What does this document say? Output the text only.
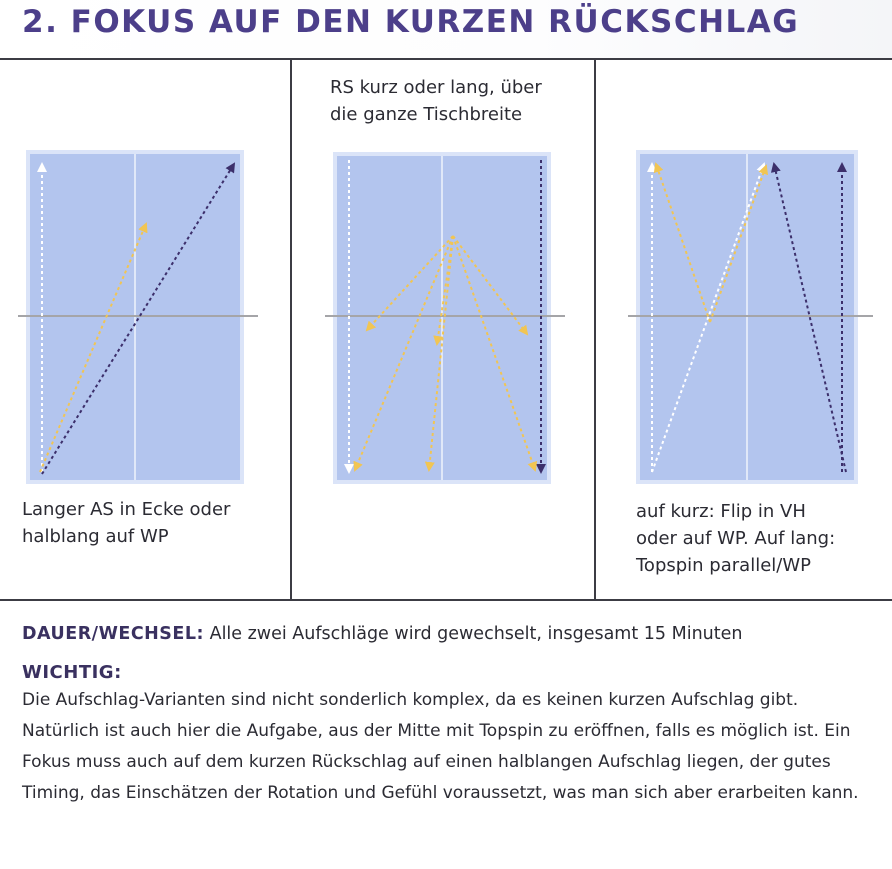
2. FOKUS AUF DEN KURZEN RÜCKSCHLAG

Langer AS in Ecke oder
halblang auf WP

RS kurz oder lang, über
die ganze Tischbreite

auf kurz: Flip in VH
oder auf WP. Auf lang:
Topspin parallel/WP

DAUER/WECHSEL: Alle zwei Aufschläge wird gewechselt, insgesamt 15 Minuten

WICHTIG:

Die Aufschlag-Varianten sind nicht sonderlich komplex, da es keinen kurzen Aufschlag gibt. Natürlich ist auch hier die Aufgabe, aus der Mitte mit Topspin zu eröffnen, falls es möglich ist. Ein Fokus muss auch auf dem kurzen Rückschlag auf einen halblangen Aufschlag liegen, der gutes Timing, das Einschätzen der Rotation und Gefühl voraussetzt, was man sich aber erarbeiten kann.
